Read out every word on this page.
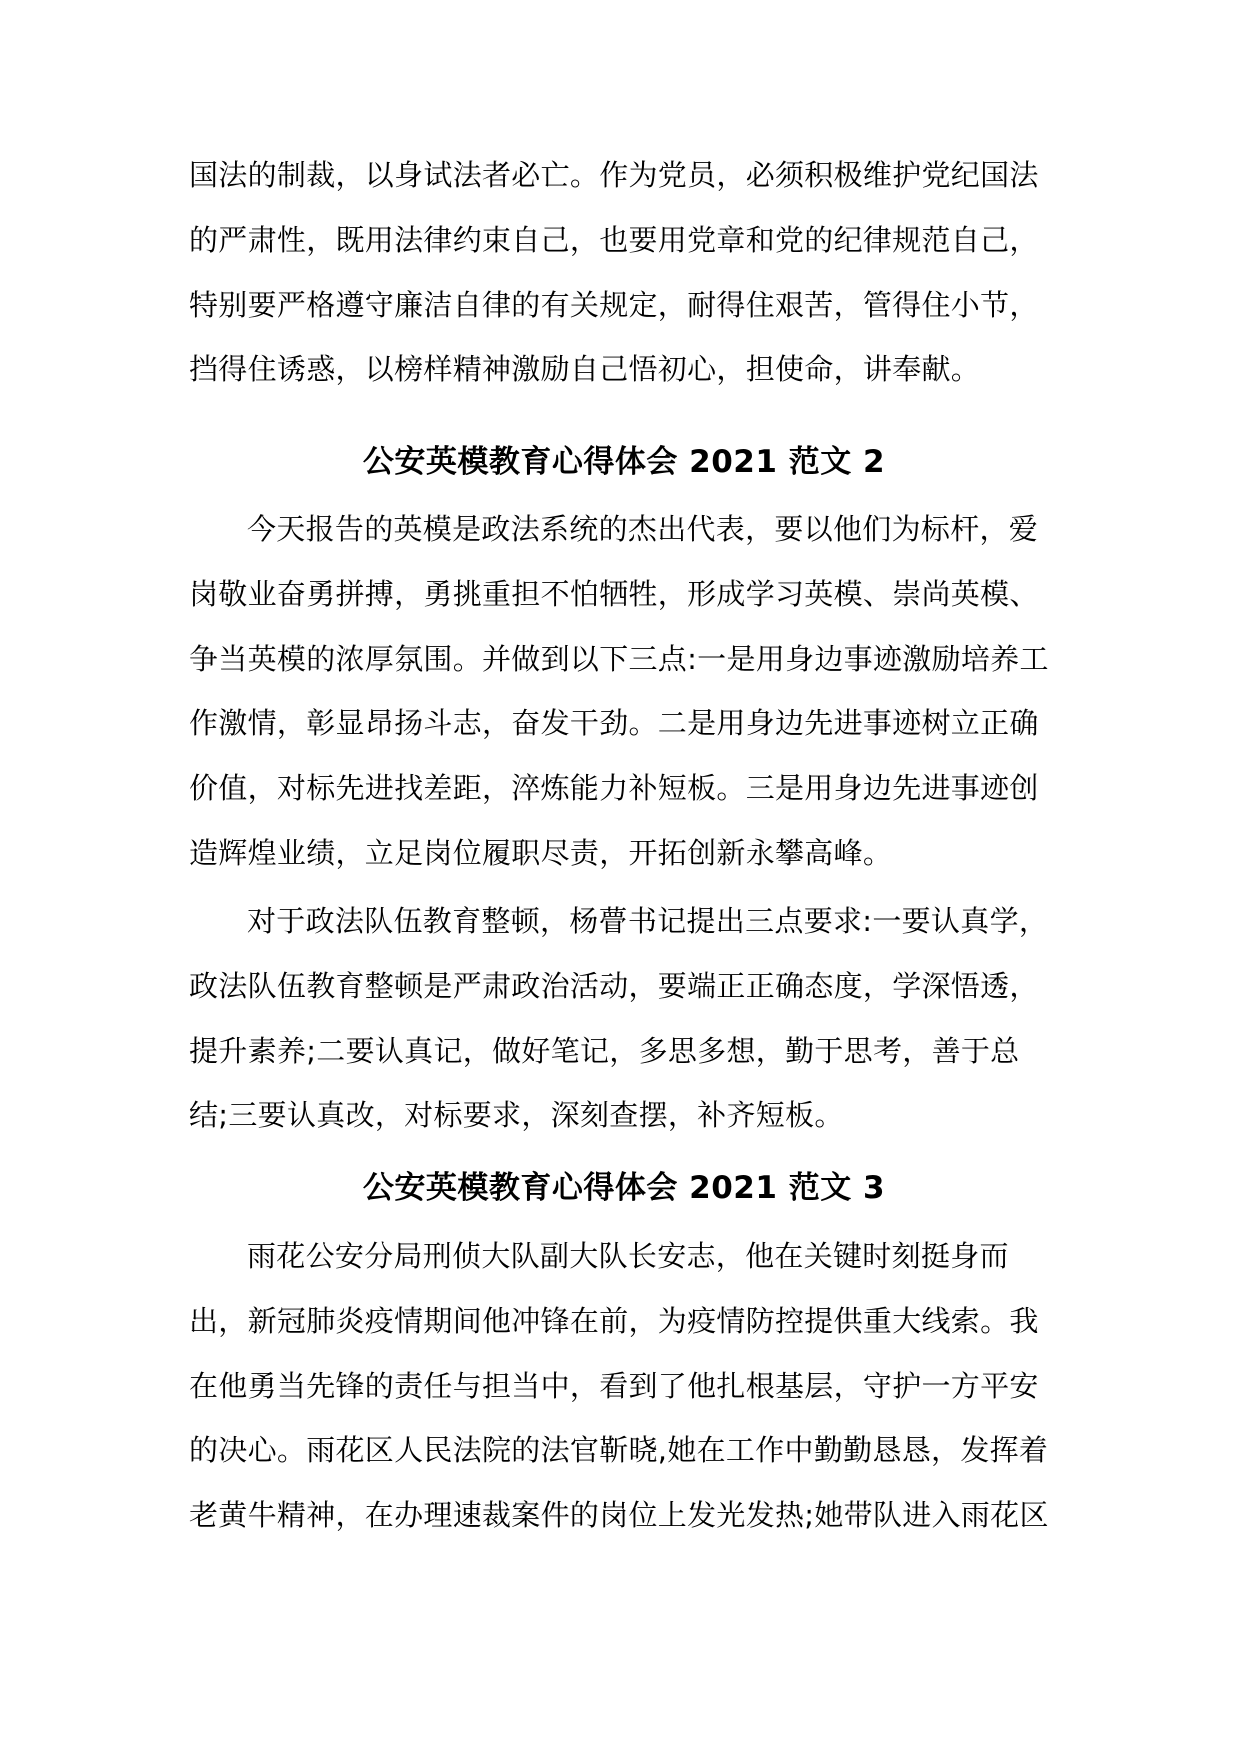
国法的制裁，以身试法者必亡。作为党员，必须积极维护党纪国法
的严肃性，既用法律约束自己，也要用党章和党的纪律规范自己，
特别要严格遵守廉洁自律的有关规定，耐得住艰苦，管得住小节，
挡得住诱惑，以榜样精神激励自己悟初心，担使命，讲奉献。
公安英模教育心得体会 2021 范文 2
今天报告的英模是政法系统的杰出代表，要以他们为标杆，爱
岗敬业奋勇拼搏，勇挑重担不怕牺牲，形成学习英模、崇尚英模、
争当英模的浓厚氛围。并做到以下三点:一是用身边事迹激励培养工
作激情，彰显昂扬斗志，奋发干劲。二是用身边先进事迹树立正确
价值，对标先进找差距，淬炼能力补短板。三是用身边先进事迹创
造辉煌业绩，立足岗位履职尽责，开拓创新永攀高峰。
对于政法队伍教育整顿，杨瞢书记提出三点要求:一要认真学，
政法队伍教育整顿是严肃政治活动，要端正正确态度，学深悟透，
提升素养;二要认真记，做好笔记，多思多想，勤于思考，善于总
结;三要认真改，对标要求，深刻查摆，补齐短板。
公安英模教育心得体会 2021 范文 3
雨花公安分局刑侦大队副大队长安志，他在关键时刻挺身而
出，新冠肺炎疫情期间他冲锋在前，为疫情防控提供重大线索。我
在他勇当先锋的责任与担当中，看到了他扎根基层，守护一方平安
的决心。雨花区人民法院的法官靳晓,她在工作中勤勤恳恳，发挥着
老黄牛精神，在办理速裁案件的岗位上发光发热;她带队进入雨花区
